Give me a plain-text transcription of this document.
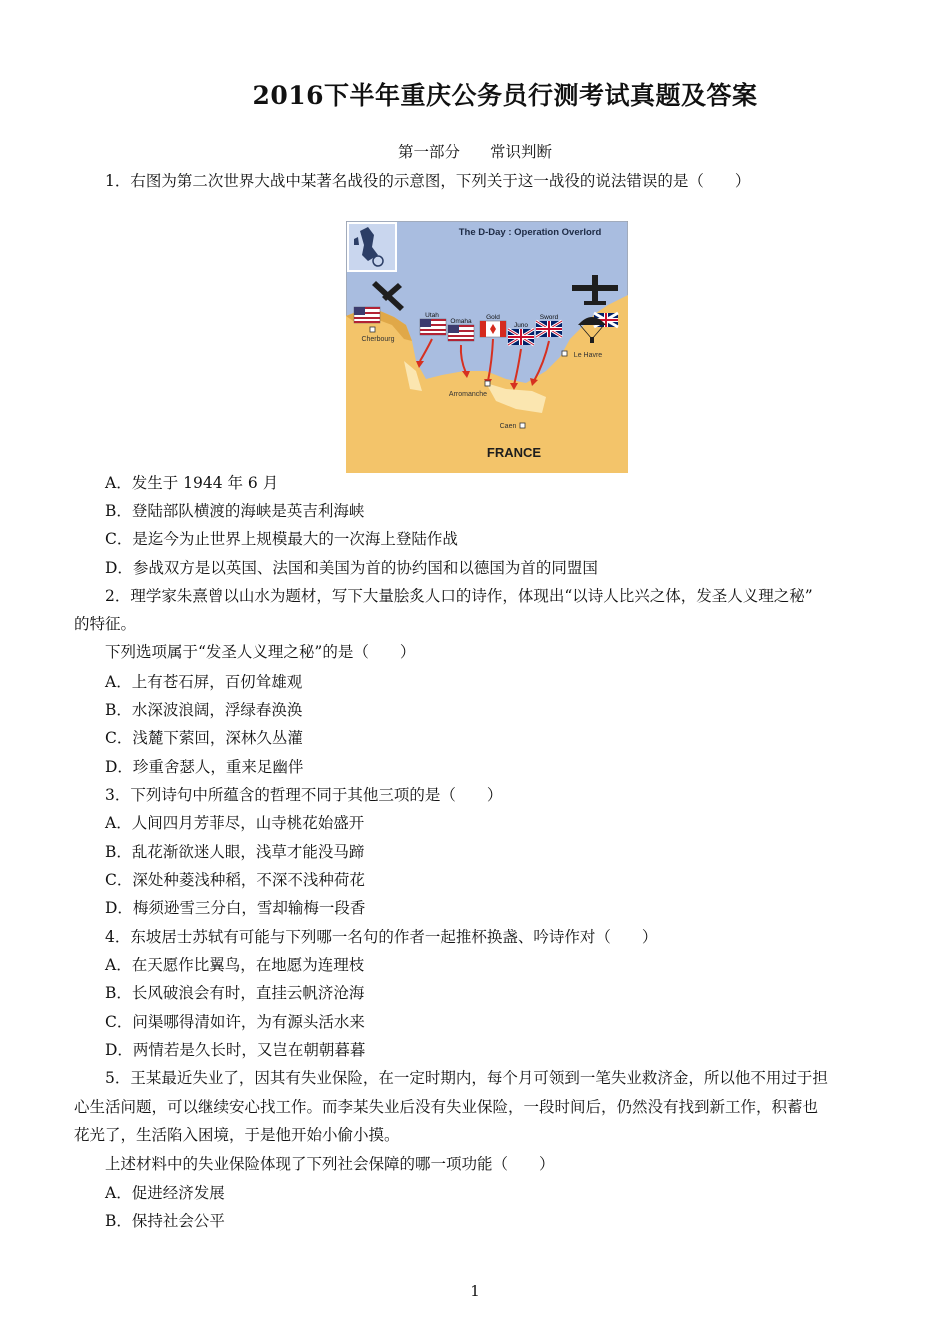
2016下半年重庆公务员行测考试真题及答案
第一部分 常识判断
1．右图为第二次世界大战中某著名战役的示意图，下列关于这一战役的说法错误的是（　　）
The D-Day : Operation Overlord
Utah
Omaha
Gold
Juno
Sword
Cherbourg
Le Havre
Arromanche
Caen
FRANCE
A．发生于 1944 年 6 月
B．登陆部队横渡的海峡是英吉利海峡
C．是迄今为止世界上规模最大的一次海上登陆作战
D．参战双方是以英国、法国和美国为首的协约国和以德国为首的同盟国
2．理学家朱熹曾以山水为题材，写下大量脍炙人口的诗作，体现出“以诗人比兴之体，发圣人义理之秘”
的特征。
下列选项属于“发圣人义理之秘”的是（　　）
A．上有苍石屏，百仞耸雄观
B．水深波浪阔，浮绿春涣涣
C．浅麓下萦回，深林久丛灌
D．珍重舍瑟人，重来足幽伴
3．下列诗句中所蕴含的哲理不同于其他三项的是（　　）
A．人间四月芳菲尽，山寺桃花始盛开
B．乱花渐欲迷人眼，浅草才能没马蹄
C．深处种菱浅种稻，不深不浅种荷花
D．梅须逊雪三分白，雪却输梅一段香
4．东坡居士苏轼有可能与下列哪一名句的作者一起推杯换盏、吟诗作对（　　）
A．在天愿作比翼鸟，在地愿为连理枝
B．长风破浪会有时，直挂云帆济沧海
C．问渠哪得清如许，为有源头活水来
D．两情若是久长时，又岂在朝朝暮暮
5．王某最近失业了，因其有失业保险，在一定时期内，每个月可领到一笔失业救济金，所以他不用过于担
心生活问题，可以继续安心找工作。而李某失业后没有失业保险，一段时间后，仍然没有找到新工作，积蓄也
花光了，生活陷入困境，于是他开始小偷小摸。
上述材料中的失业保险体现了下列社会保障的哪一项功能（　　）
A．促进经济发展
B．保持社会公平
1
